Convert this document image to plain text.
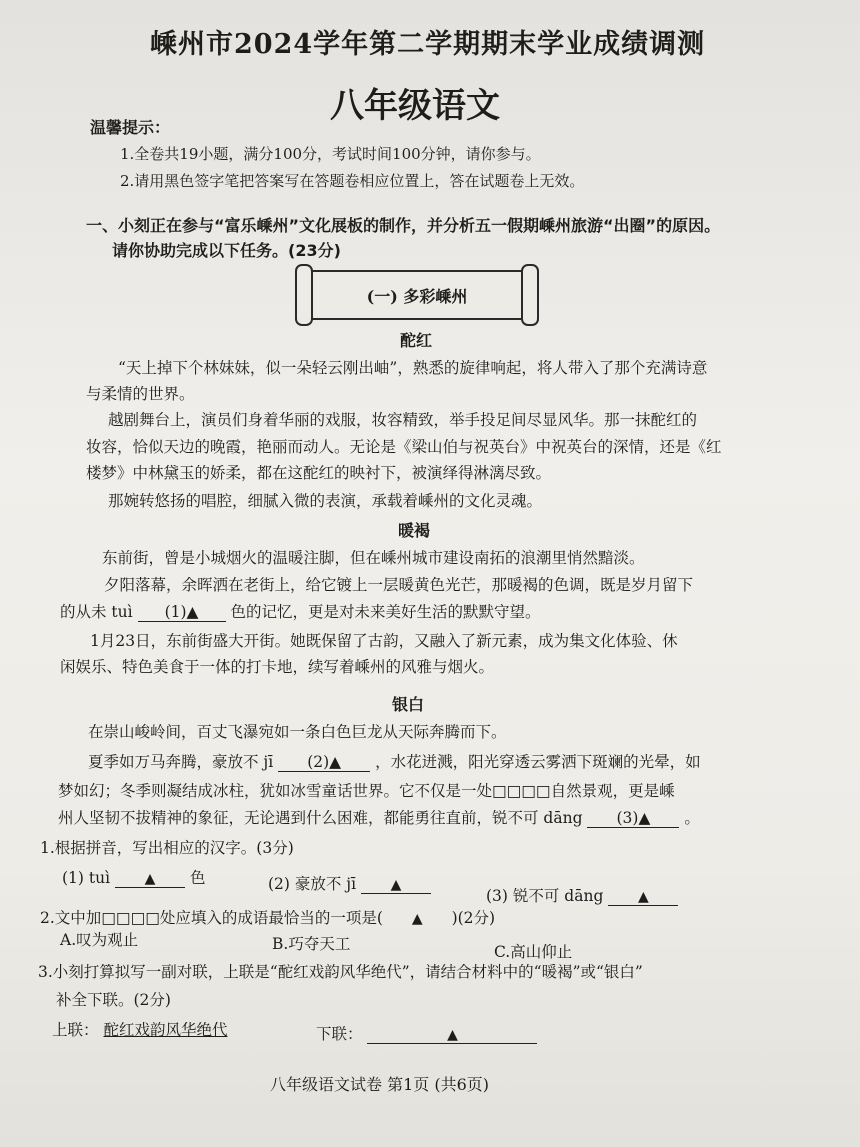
嵊州市2024学年第二学期期末学业成绩调测
八年级语文
温馨提示：
1.全卷共19小题，满分100分，考试时间100分钟，请你参与。
2.请用黑色签字笔把答案写在答题卷相应位置上，答在试题卷上无效。
一、小刻正在参与“富乐嵊州”文化展板的制作，并分析五一假期嵊州旅游“出圈”的原因。
请你协助完成以下任务。(23分)
(一) 多彩嵊州
酡红
“天上掉下个林妹妹，似一朵轻云刚出岫”，熟悉的旋律响起，将人带入了那个充满诗意
与柔情的世界。
越剧舞台上，演员们身着华丽的戏服，妆容精致，举手投足间尽显风华。那一抹酡红的
妆容，恰似天边的晚霞，艳丽而动人。无论是《梁山伯与祝英台》中祝英台的深情，还是《红
楼梦》中林黛玉的娇柔，都在这酡红的映衬下，被演绎得淋漓尽致。
那婉转悠扬的唱腔，细腻入微的表演，承载着嵊州的文化灵魂。
暖褐
东前街，曾是小城烟火的温暖注脚，但在嵊州城市建设南拓的浪潮里悄然黯淡。
夕阳落幕，余晖洒在老街上，给它镀上一层暖黄色光芒，那暖褐的色调，既是岁月留下
的从未 tuì (1)▲ 色的记忆，更是对未来美好生活的默默守望。
1月23日，东前街盛大开街。她既保留了古韵，又融入了新元素，成为集文化体验、休
闲娱乐、特色美食于一体的打卡地，续写着嵊州的风雅与烟火。
银白
在崇山峻岭间，百丈飞瀑宛如一条白色巨龙从天际奔腾而下。
夏季如万马奔腾，豪放不 jī (2)▲ ，水花迸溅，阳光穿透云雾洒下斑斓的光晕，如
梦如幻；冬季则凝结成冰柱，犹如冰雪童话世界。它不仅是一处□□□□自然景观，更是嵊
州人坚韧不拔精神的象征，无论遇到什么困难，都能勇往直前，锐不可 dāng (3)▲ 。
1.根据拼音，写出相应的汉字。(3分)
(1) tuì ▲ 色	(2) 豪放不 jī ▲
(3) 锐不可 dāng ▲
2.文中加□□□□处应填入的成语最恰当的一项是( ▲ )(2分)
A.叹为观止	B.巧夺天工	C.高山仰止
3.小刻打算拟写一副对联，上联是“酡红戏韵风华绝代”，请结合材料中的“暖褐”或“银白”
补全下联。(2分)
上联： 酡红戏韵风华绝代	下联：	▲
八年级语文试卷 第1页 (共6页)
